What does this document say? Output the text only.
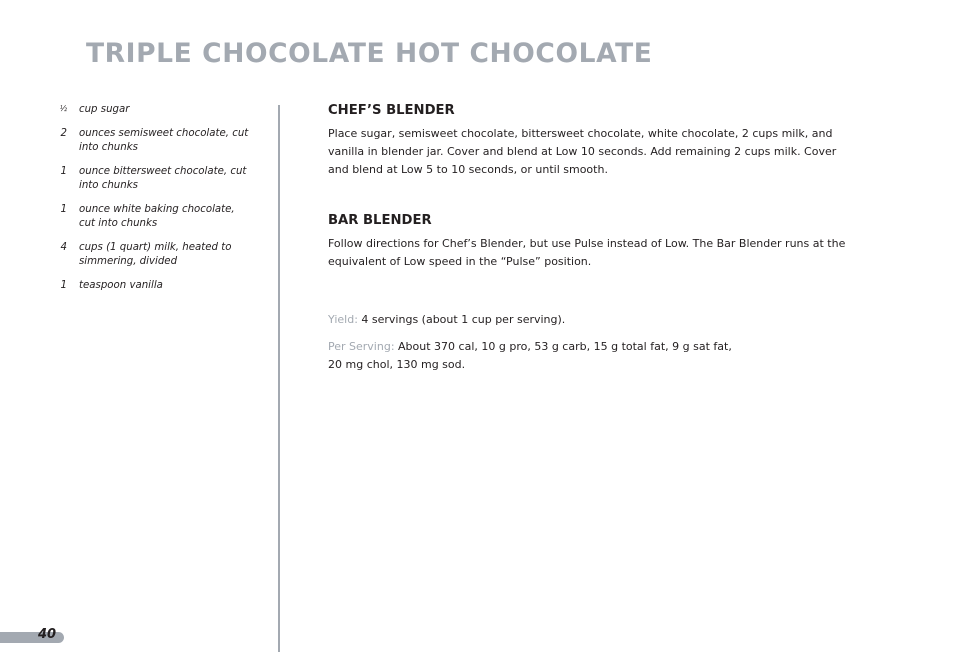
TRIPLE CHOCOLATE HOT CHOCOLATE
½ cup sugar
2 ounces semisweet chocolate, cut into chunks
1 ounce bittersweet chocolate, cut into chunks
1 ounce white baking chocolate, cut into chunks
4 cups (1 quart) milk, heated to simmering, divided
1 teaspoon vanilla
CHEF’S BLENDER

Place sugar, semisweet chocolate, bittersweet chocolate, white chocolate, 2 cups milk, and vanilla in blender jar. Cover and blend at Low 10 seconds. Add remaining 2 cups milk. Cover and blend at Low 5 to 10 seconds, or until smooth.

BAR BLENDER

Follow directions for Chef’s Blender, but use Pulse instead of Low. The Bar Blender runs at the equivalent of Low speed in the “Pulse” position.

Yield: 4 servings (about 1 cup per serving).

Per Serving: About 370 cal, 10 g pro, 53 g carb, 15 g total fat, 9 g sat fat,
20 mg chol, 130 mg sod.

40
